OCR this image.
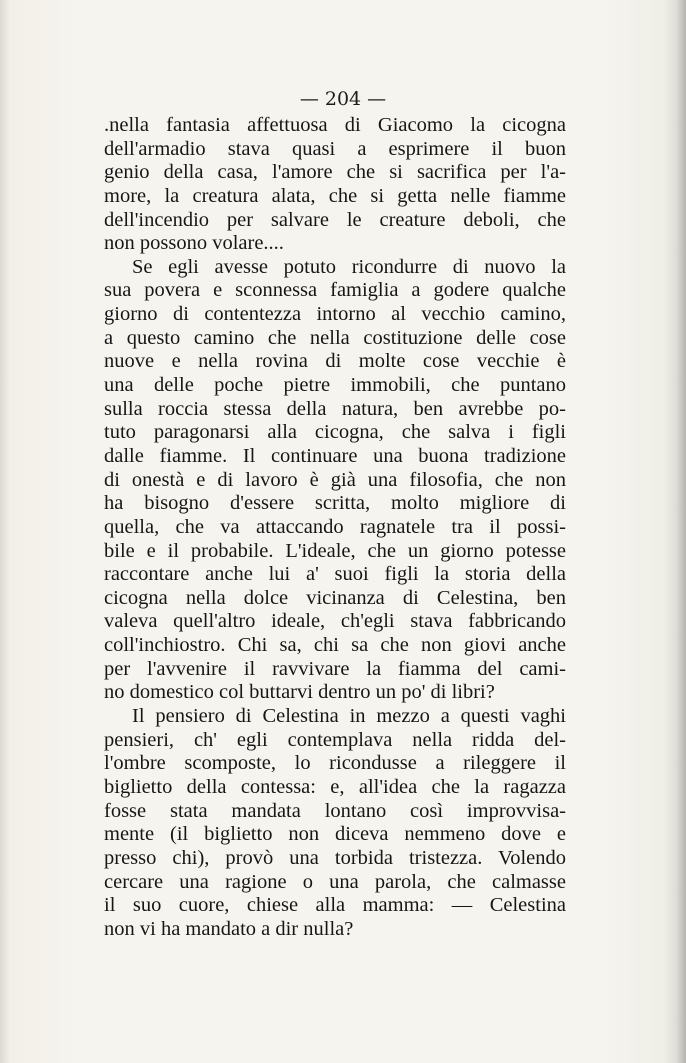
— 204 —
.nella fantasia affettuosa di Giacomo la cicogna
dell'armadio stava quasi a esprimere il buon
genio della casa, l'amore che si sacrifica per l'a-
more, la creatura alata, che si getta nelle fiamme
dell'incendio per salvare le creature deboli, che
non possono volare....
Se egli avesse potuto ricondurre di nuovo la
sua povera e sconnessa famiglia a godere qualche
giorno di contentezza intorno al vecchio camino,
a questo camino che nella costituzione delle cose
nuove e nella rovina di molte cose vecchie è
una delle poche pietre immobili, che puntano
sulla roccia stessa della natura, ben avrebbe po-
tuto paragonarsi alla cicogna, che salva i figli
dalle fiamme. Il continuare una buona tradizione
di onestà e di lavoro è già una filosofia, che non
ha bisogno d'essere scritta, molto migliore di
quella, che va attaccando ragnatele tra il possi-
bile e il probabile. L'ideale, che un giorno potesse
raccontare anche lui a' suoi figli la storia della
cicogna nella dolce vicinanza di Celestina, ben
valeva quell'altro ideale, ch'egli stava fabbricando
coll'inchiostro. Chi sa, chi sa che non giovi anche
per l'avvenire il ravvivare la fiamma del cami-
no domestico col buttarvi dentro un po' di libri?
Il pensiero di Celestina in mezzo a questi vaghi
pensieri, ch' egli contemplava nella ridda del-
l'ombre scomposte, lo ricondusse a rileggere il
biglietto della contessa: e, all'idea che la ragazza
fosse stata mandata lontano così improvvisa-
mente (il biglietto non diceva nemmeno dove e
presso chi), provò una torbida tristezza. Volendo
cercare una ragione o una parola, che calmasse
il suo cuore, chiese alla mamma: — Celestina
non vi ha mandato a dir nulla?
